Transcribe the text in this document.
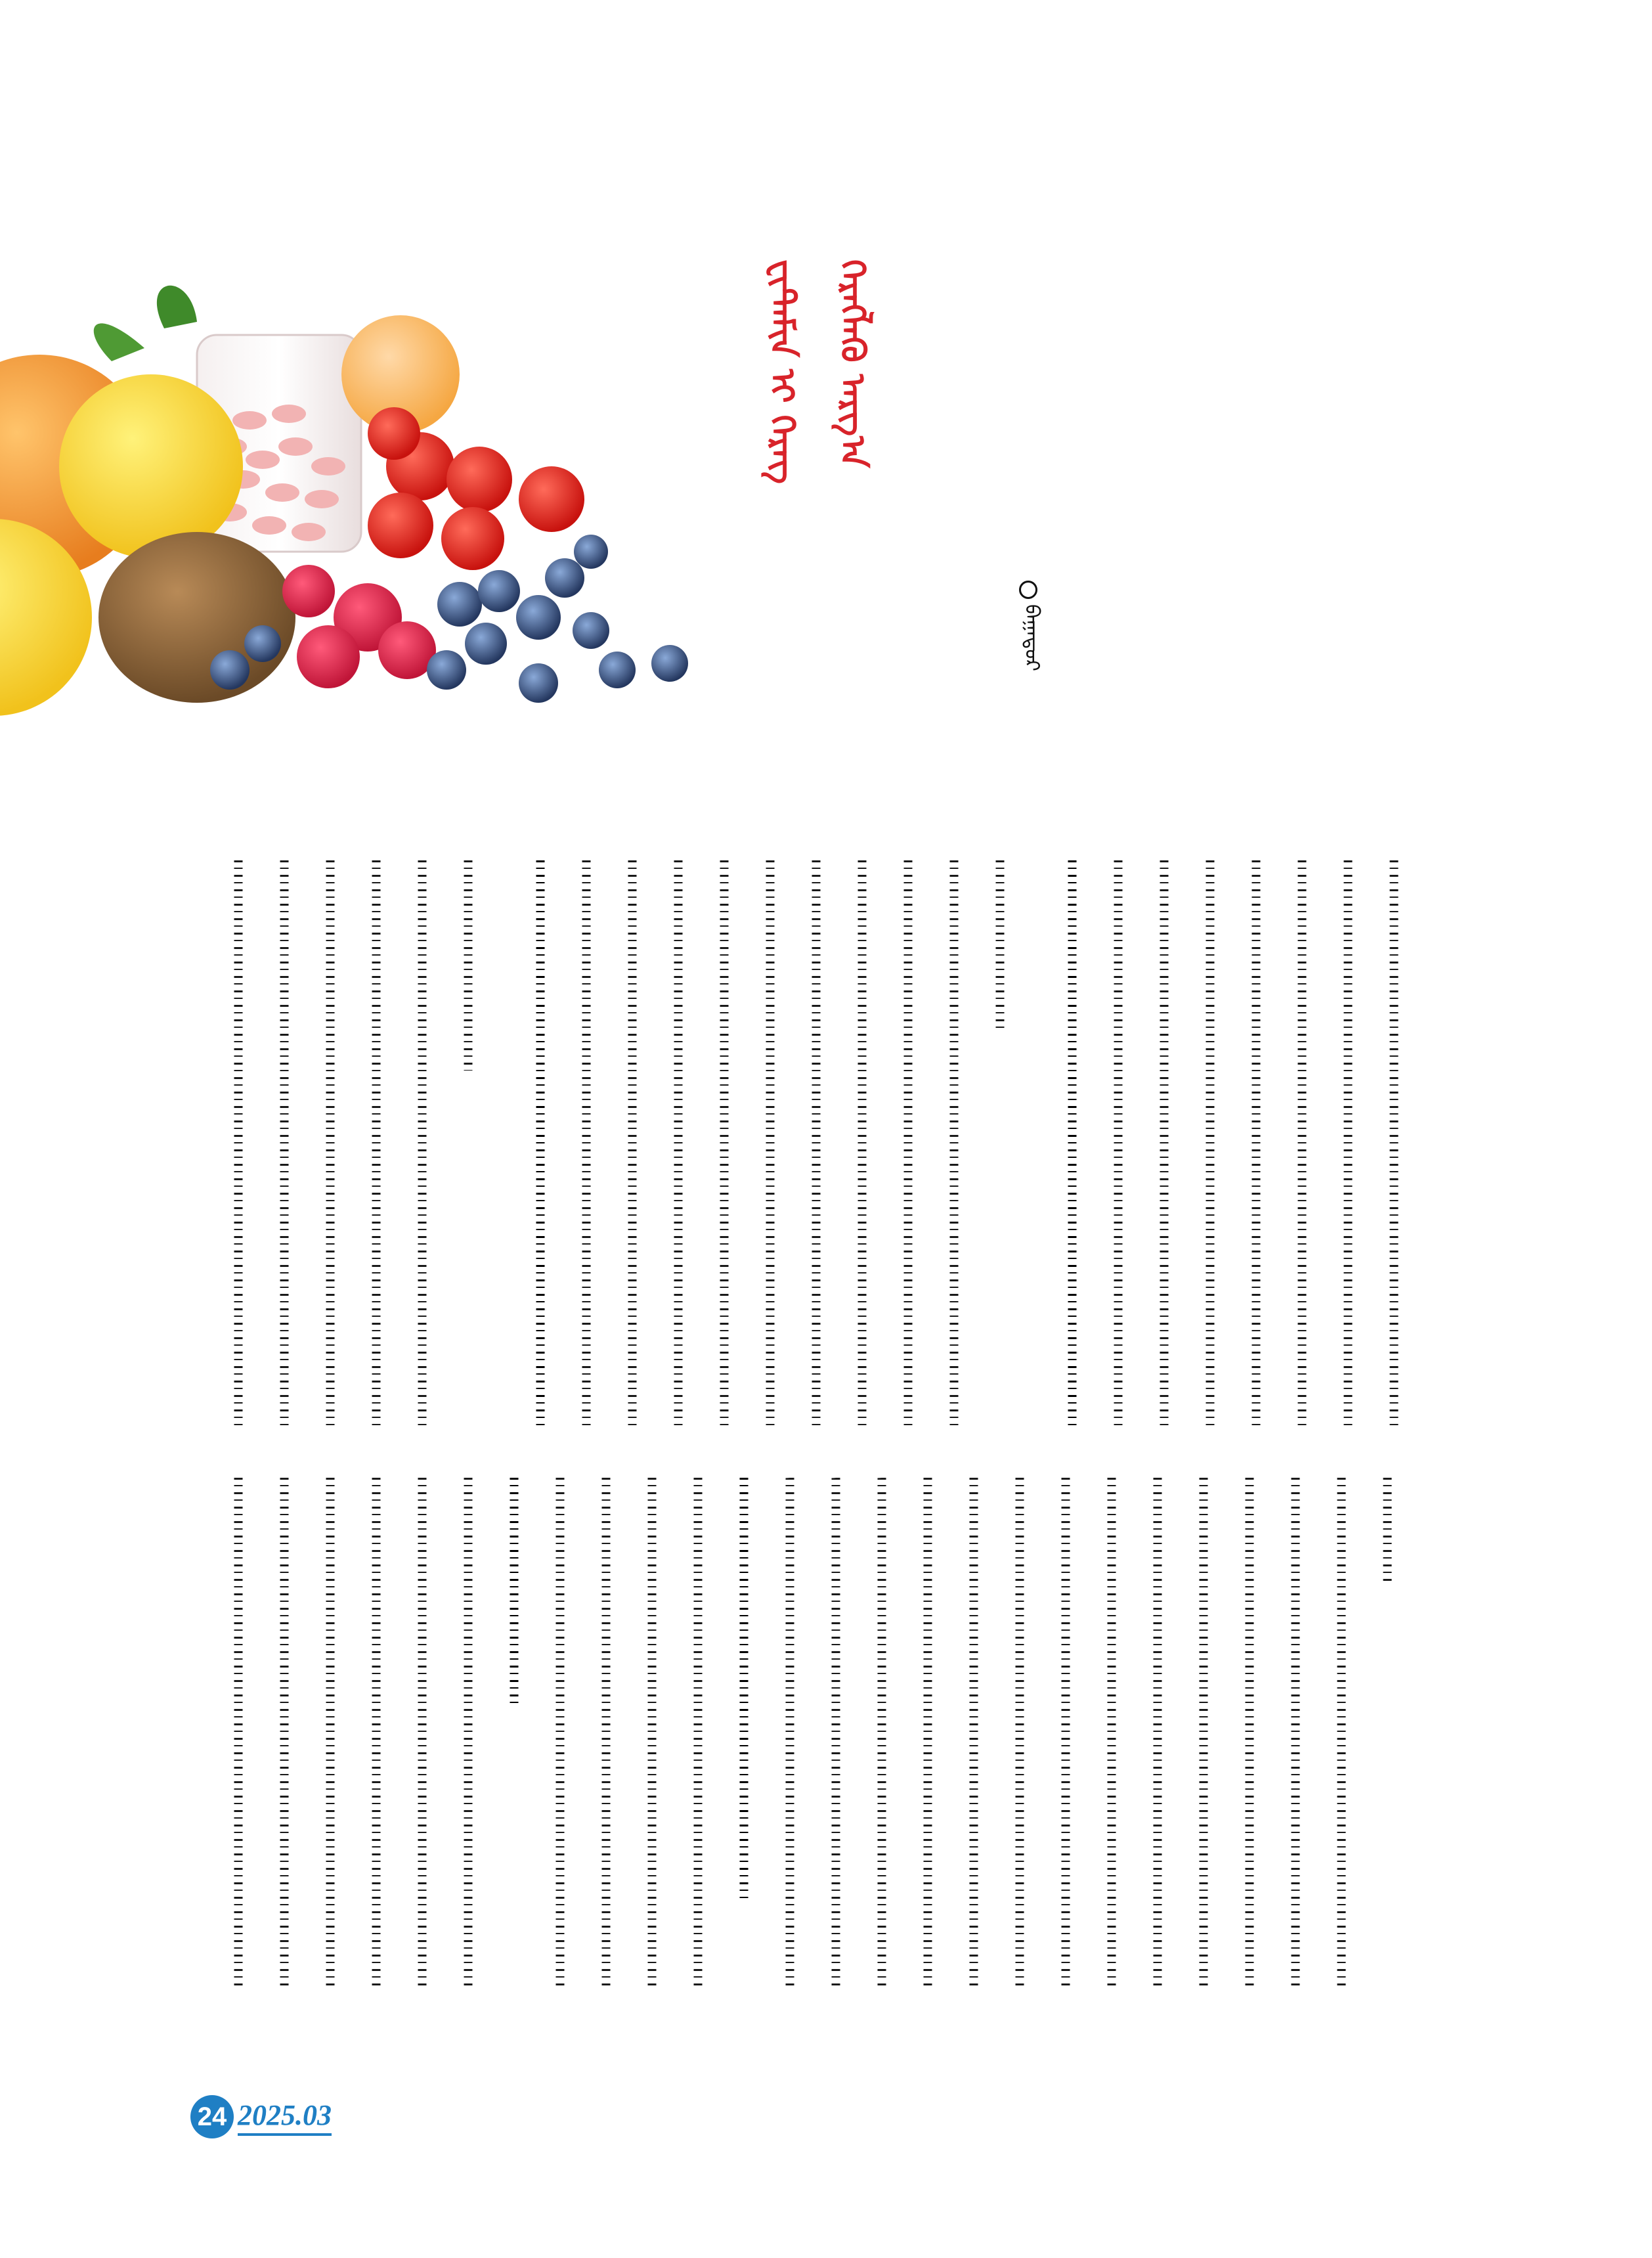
ᠸᠢᠲ᠋ᠠᠮᠢᠨ ᠢ ᠭᠡᠷᠡᠭ ᠬᠡᠷᠡᠭᠯᠡᠬᠦ ᠠᠷᠭ᠎ᠠ
ᠪᠠᠭᠠᠲᠤᠷ
24 2025.03
